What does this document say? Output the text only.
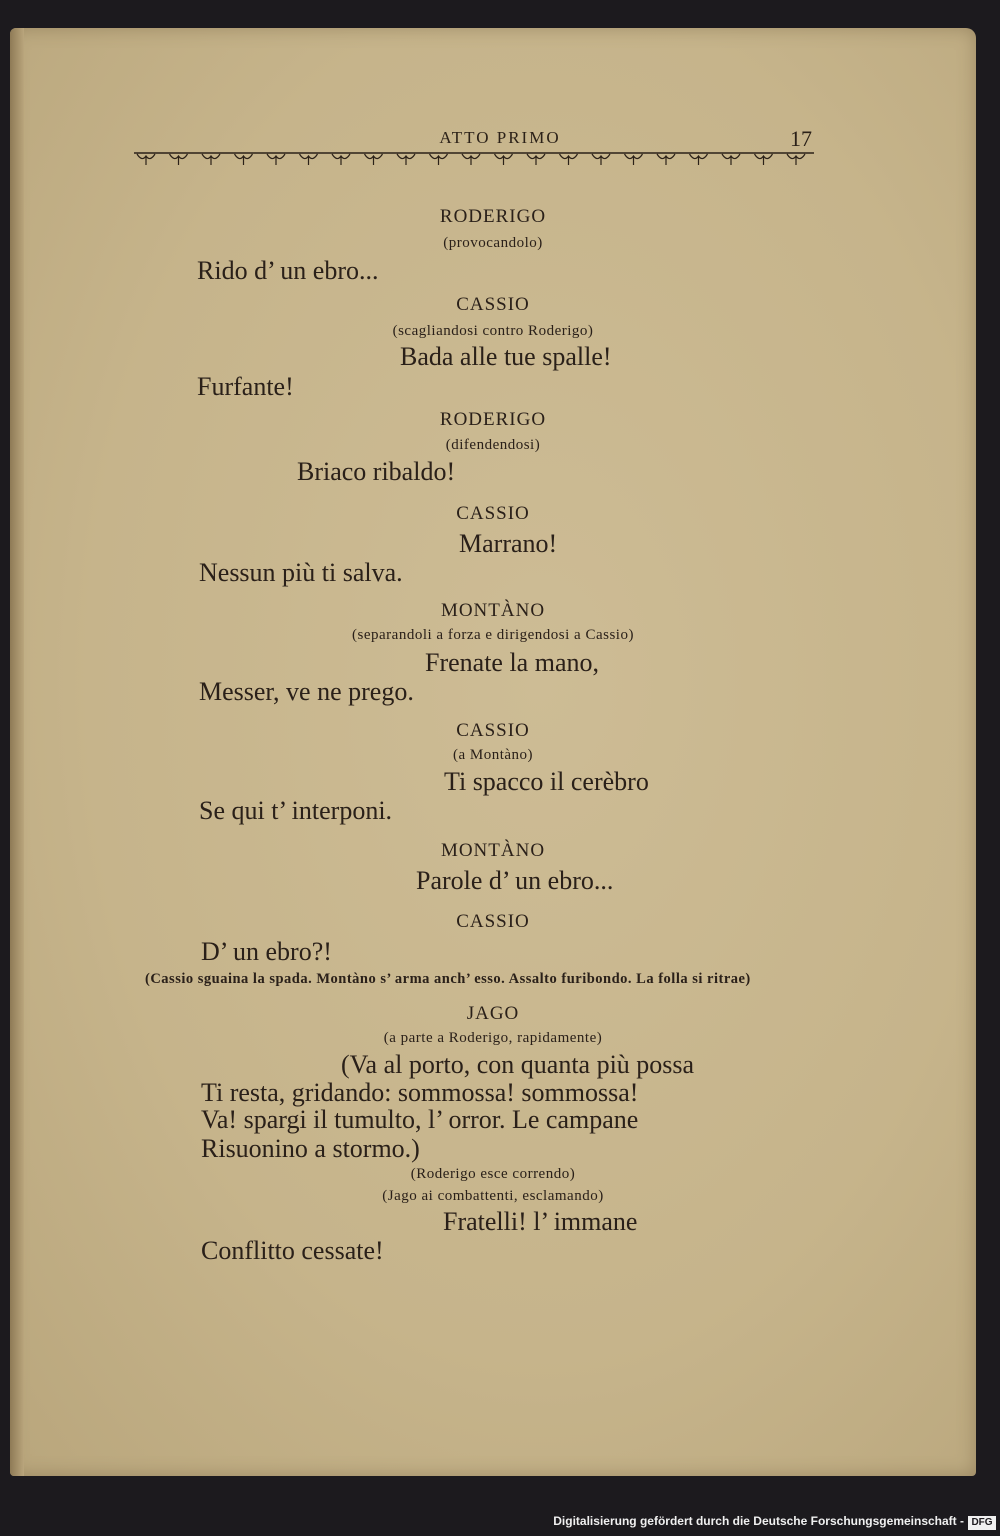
ATTO PRIMO	17
RODERIGO
(provocandolo)
Rido d’ un ebro...
CASSIO
(scagliandosi contro Roderigo)
Bada alle tue spalle!
Furfante!
RODERIGO
(difendendosi)
Briaco ribaldo!
CASSIO
Marrano!
Nessun più ti salva.
MONTÀNO
(separandoli a forza e dirigendosi a Cassio)
Frenate la mano,
Messer, ve ne prego.
CASSIO
(a Montàno)
Ti spacco il cerèbro
Se qui t’ interponi.
MONTÀNO
Parole d’ un ebro...
CASSIO
D’ un ebro?!
(Cassio sguaina la spada. Montàno s’ arma anch’ esso. Assalto furibondo. La folla si ritrae)
JAGO
(a parte a Roderigo, rapidamente)
(Va al porto, con quanta più possa
Ti resta, gridando: sommossa! sommossa!
Va! spargi il tumulto, l’ orror. Le campane
Risuonino a stormo.)
(Roderigo esce correndo)
(Jago ai combattenti, esclamando)
Fratelli! l’ immane
Conflitto cessate!
Digitalisierung gefördert durch die Deutsche Forschungsgemeinschaft - DFG
